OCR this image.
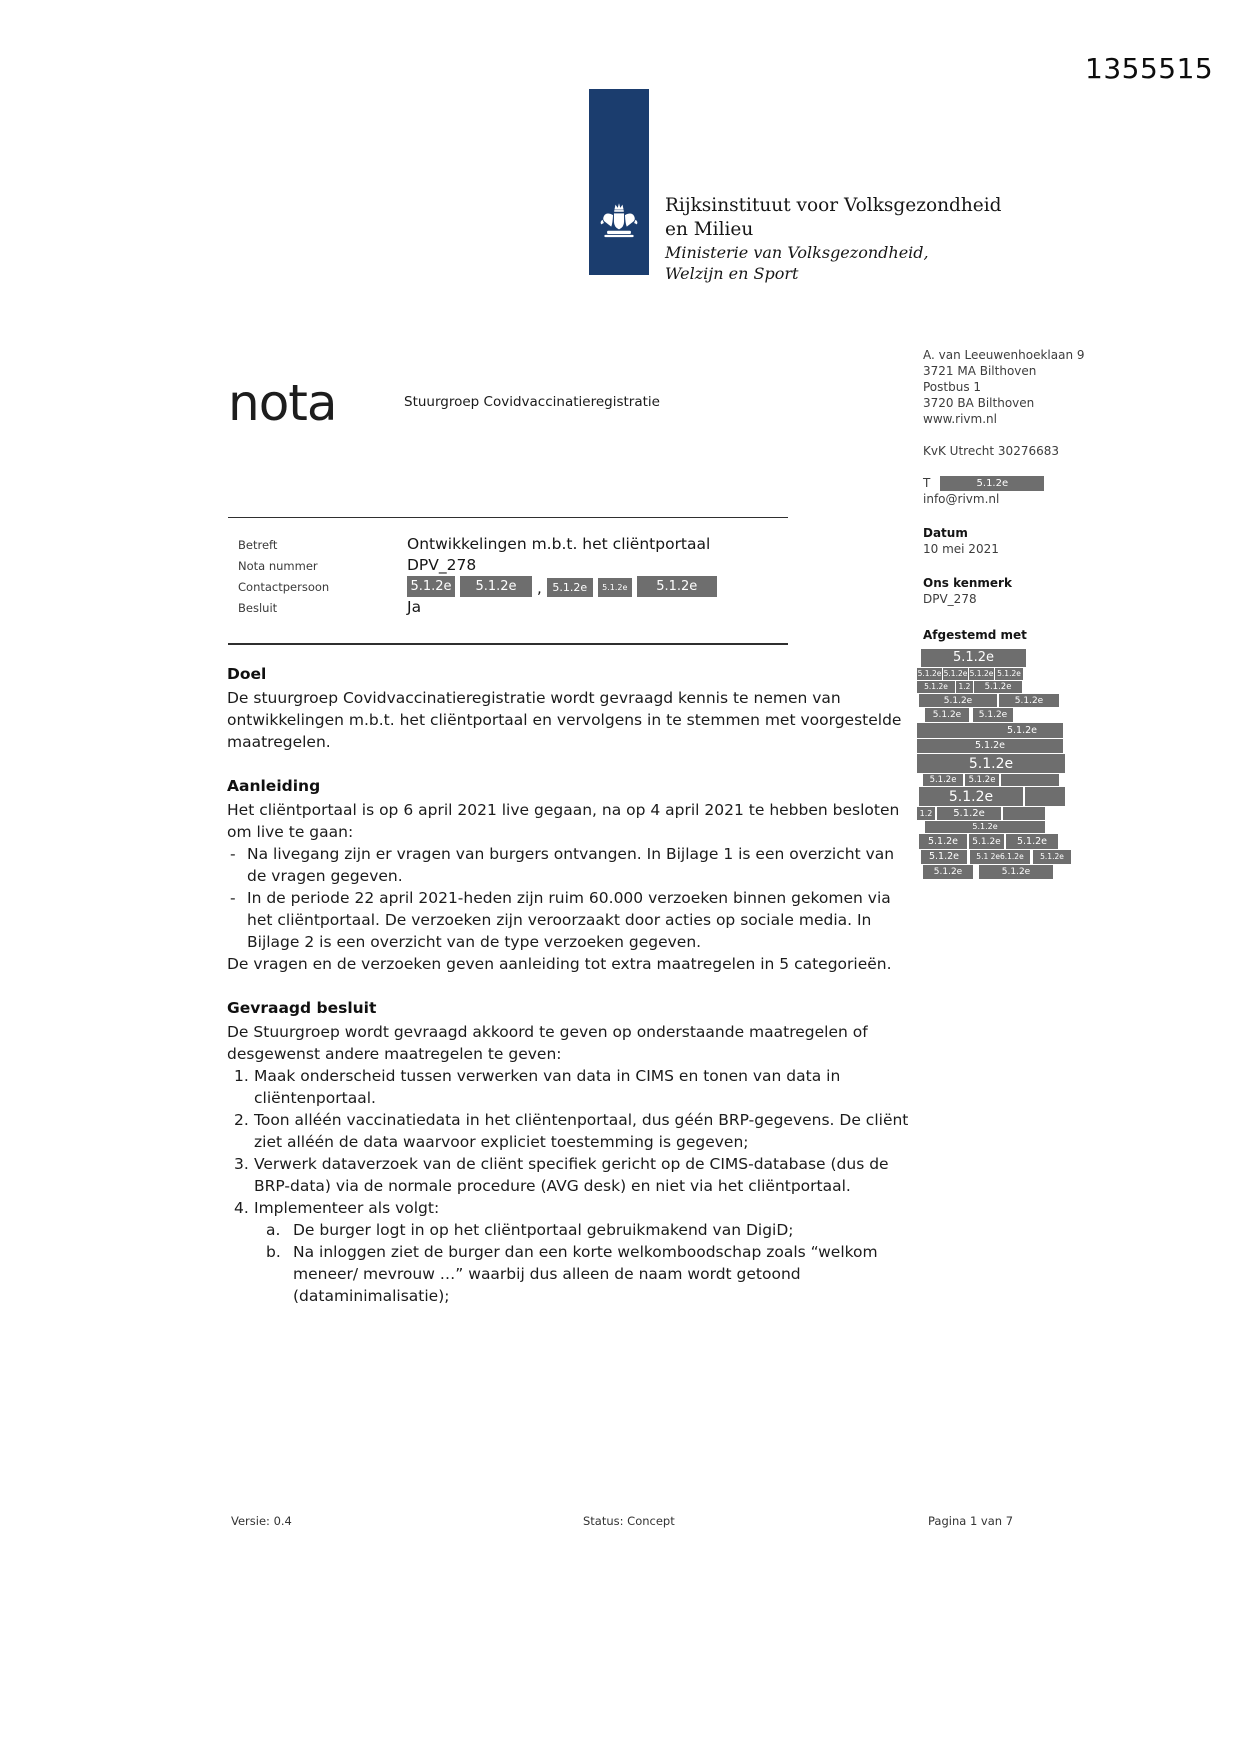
1355515
Rijksinstituut voor Volksgezondheid
en Milieu
Ministerie van Volksgezondheid,
Welzijn en Sport
nota	Stuurgroep Covidvaccinatieregistratie
Betreft	Ontwikkelingen m.b.t. het cliëntportaal
Nota nummer	DPV_278
Contactpersoon	5.1.2e	5.1.2e	, 5.1.2e	5.1.2e	5.1.2e
Besluit	Ja
A. van Leeuwenhoeklaan 9
3721 MA Bilthoven
Postbus 1
3720 BA Bilthoven
www.rivm.nl
KvK Utrecht 30276683
T	5.1.2e
info@rivm.nl
Datum
10 mei 2021
Ons kenmerk
DPV_278
Afgestemd met
5.1.2e
5.1.2e 5.1.2e 5.1.2e 5.1.2e
5.1.2e	1.2	5.1.2e
5.1.2e	5.1.2e
5.1.2e	5.1.2e
5.1.2e
5.1.2e
5.1.2e
5.1.2e	5.1.2e
5.1.2e
1.2	5.1.2e
5.1.2e
5.1.2e	5.1.2e	5.1.2e
5.1.2e	5.1 2e6.1.2e	5.1.2e
5.1.2e	5.1.2e
Doel
De stuurgroep Covidvaccinatieregistratie wordt gevraagd kennis te nemen van ontwikkelingen m.b.t. het cliëntportaal en vervolgens in te stemmen met voorgestelde maatregelen.
Aanleiding
Het cliëntportaal is op 6 april 2021 live gegaan, na op 4 april 2021 te hebben besloten om live te gaan:
- Na livegang zijn er vragen van burgers ontvangen. In Bijlage 1 is een overzicht van de vragen gegeven.
- In de periode 22 april 2021-heden zijn ruim 60.000 verzoeken binnen gekomen via het cliëntportaal. De verzoeken zijn veroorzaakt door acties op sociale media. In Bijlage 2 is een overzicht van de type verzoeken gegeven.
De vragen en de verzoeken geven aanleiding tot extra maatregelen in 5 categorieën.
Gevraagd besluit
De Stuurgroep wordt gevraagd akkoord te geven op onderstaande maatregelen of desgewenst andere maatregelen te geven:
1. Maak onderscheid tussen verwerken van data in CIMS en tonen van data in cliëntenportaal.
2. Toon alléén vaccinatiedata in het cliëntenportaal, dus géén BRP-gegevens. De cliënt ziet alléén de data waarvoor expliciet toestemming is gegeven;
3. Verwerk dataverzoek van de cliënt specifiek gericht op de CIMS-database (dus de BRP-data) via de normale procedure (AVG desk) en niet via het cliëntportaal.
4. Implementeer als volgt:
a. De burger logt in op het cliëntportaal gebruikmakend van DigiD;
b. Na inloggen ziet de burger dan een korte welkomboodschap zoals “welkom meneer/ mevrouw …” waarbij dus alleen de naam wordt getoond (dataminimalisatie);
Versie: 0.4	Status: Concept	Pagina 1 van 7
